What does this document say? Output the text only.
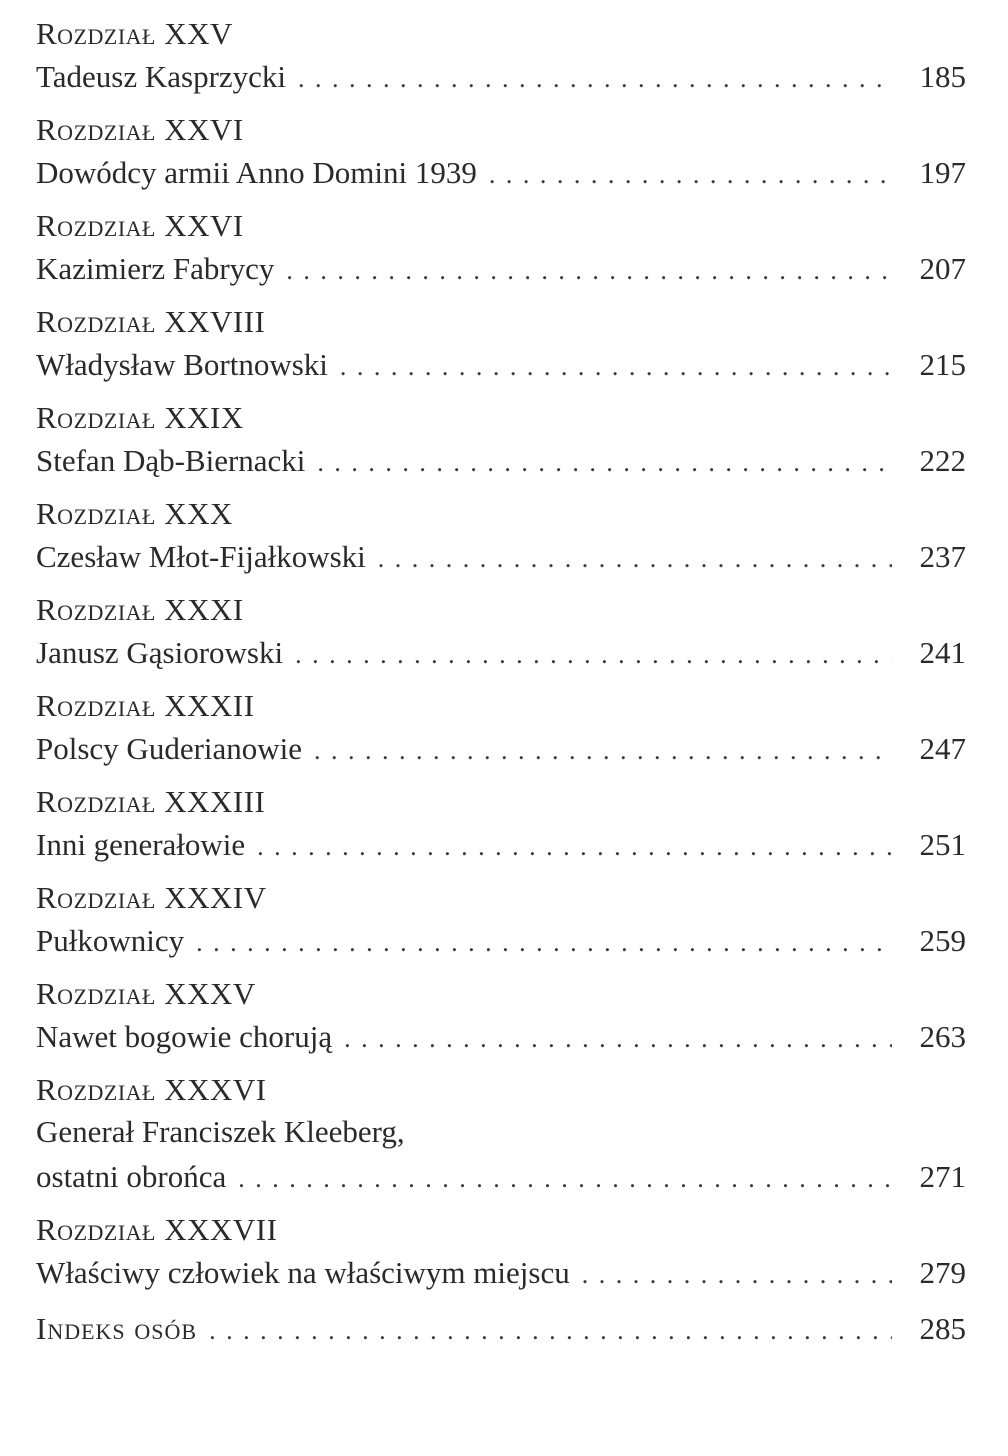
Rozdział XXV
Tadeusz Kasprzycki . . .	185
Rozdział XXVI
Dowódcy armii Anno Domini 1939 . . .	197
Rozdział XXVI
Kazimierz Fabrycy . . .	207
Rozdział XXVIII
Władysław Bortnowski . . .	215
Rozdział XXIX
Stefan Dąb-Biernacki . . .	222
Rozdział XXX
Czesław Młot-Fijałkowski . . .	237
Rozdział XXXI
Janusz Gąsiorowski . . .	241
Rozdział XXXII
Polscy Guderianowie . . .	247
Rozdział XXXIII
Inni generałowie . . .	251
Rozdział XXXIV
Pułkownicy . . .	259
Rozdział XXXV
Nawet bogowie chorują . . .	263
Rozdział XXXVI
Generał Franciszek Kleeberg,
ostatni obrońca . . .	271
Rozdział XXXVII
Właściwy człowiek na właściwym miejscu . . .	279
Indeks osób . . .	285
